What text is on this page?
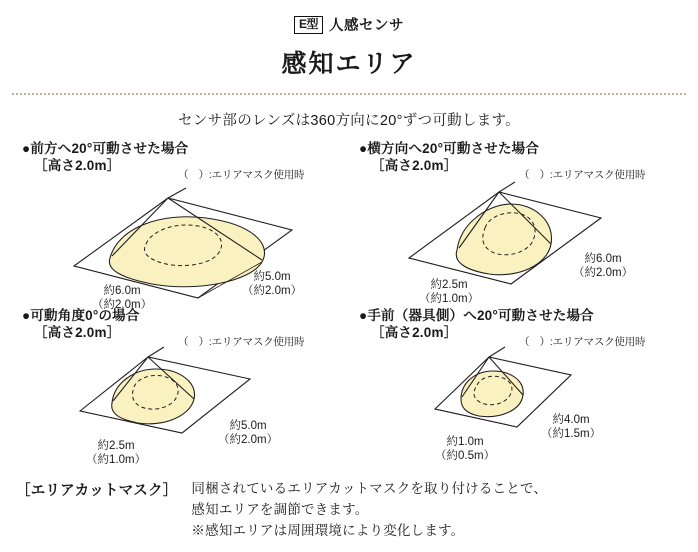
E型 人感センサ
感知エリア
センサ部のレンズは360方向に20°ずつ可動します。
●前方へ20°可動させた場合
［高さ2.0m］
（　）:エリアマスク使用時
約5.0m
（約2.0m）
約6.0m
（約2.0m）
●横方向へ20°可動させた場合
［高さ2.0m］
（　）:エリアマスク使用時
約6.0m
（約2.0m）
約2.5m
（約1.0m）
●可動角度0°の場合
［高さ2.0m］
（　）:エリアマスク使用時
約5.0m
（約2.0m）
約2.5m
（約1.0m）
●手前（器具側）へ20°可動させた場合
［高さ2.0m］
（　）:エリアマスク使用時
約4.0m
（約1.5m）
約1.0m
（約0.5m）
［エリアカットマスク］ 同梱されているエリアカットマスクを取り付けることで、
感知エリアを調節できます。
※感知エリアは周囲環境により変化します。
